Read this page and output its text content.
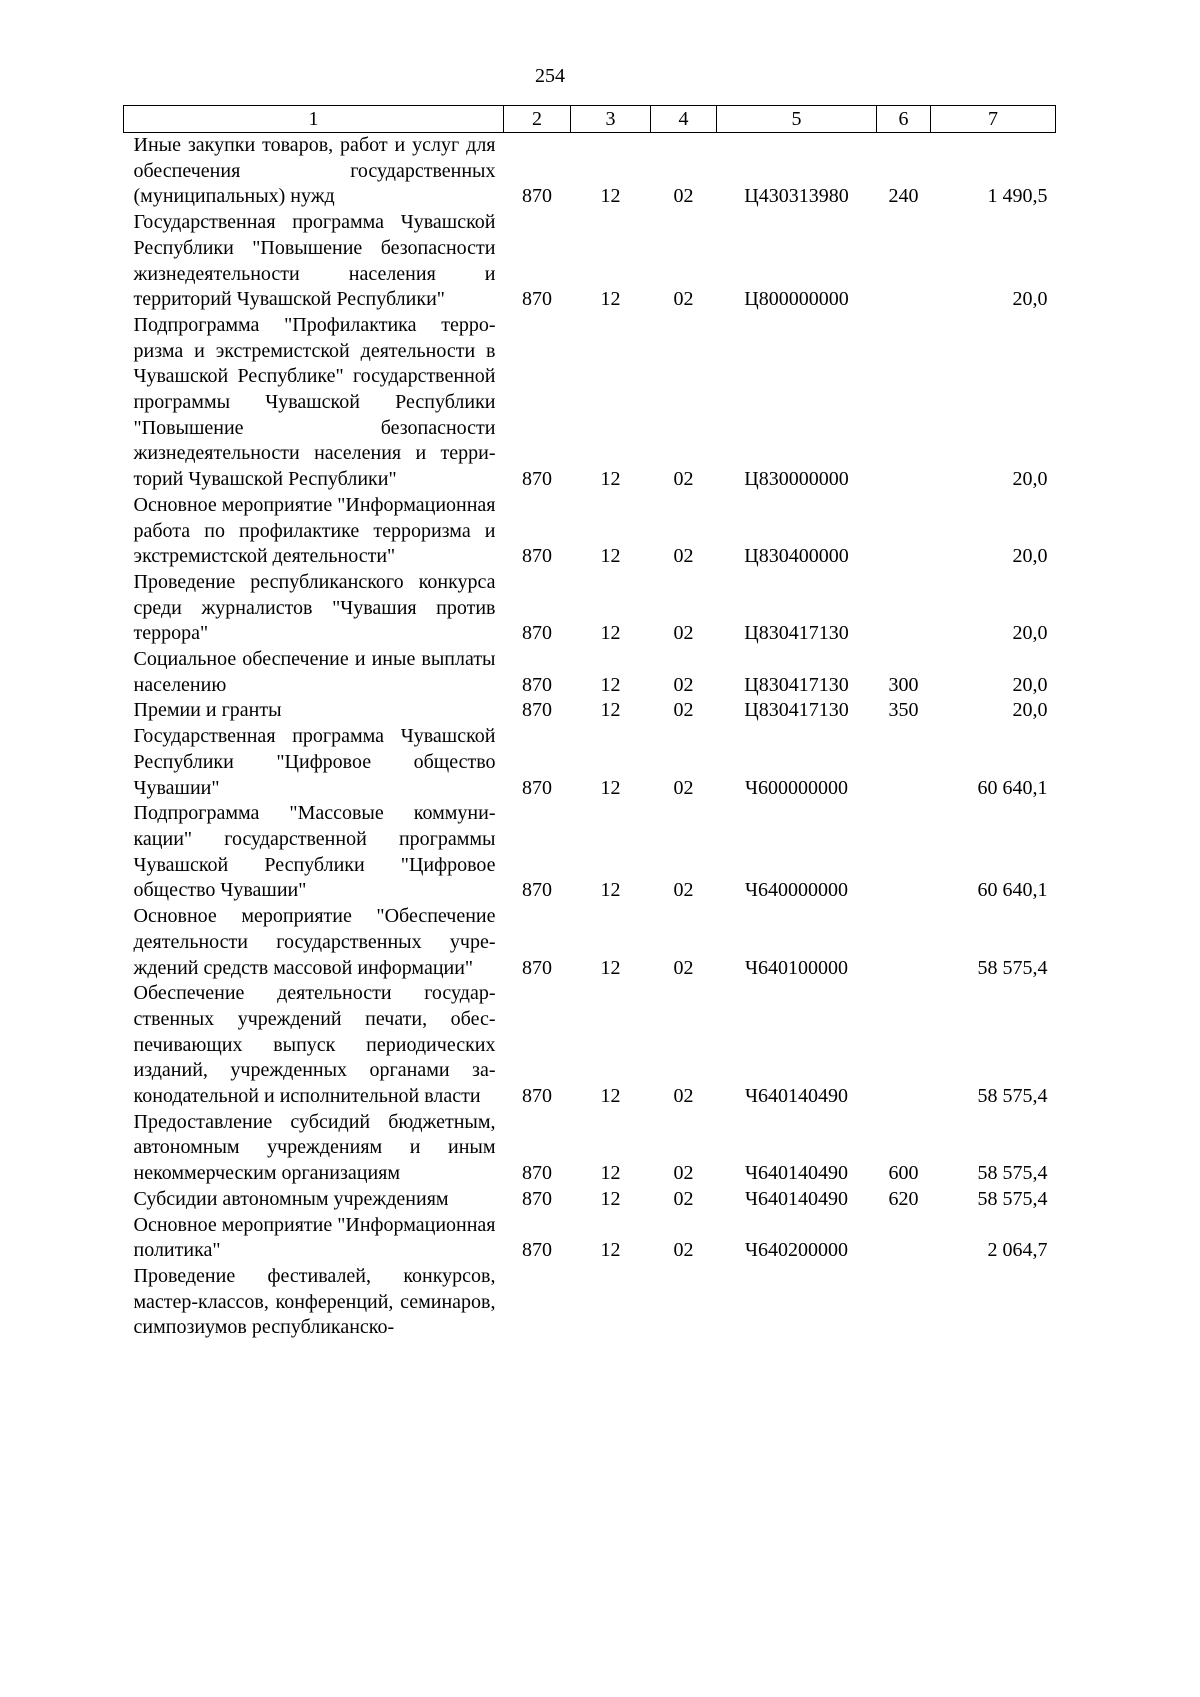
254
1	2	3	4	5	6	7
Иные закупки товаров, работ и услуг для обеспечения государственных (муниципальных) нужд	870	12	02	Ц430313980	240	1 490,5
Государственная программа Чувашской Республики "Повышение безопасности жизнедеятельности населения и территорий Чувашской Республики"	870	12	02	Ц800000000		20,0
Подпрограмма "Профилактика терроризма и экстремистской деятельности в Чувашской Республике" государственной программы Чувашской Республики "Повышение безопасности жизнедеятельности населения и территорий Чувашской Республики"	870	12	02	Ц830000000		20,0
Основное мероприятие "Информационная работа по профилактике терроризма и экстремистской деятельности"	870	12	02	Ц830400000		20,0
Проведение республиканского конкурса среди журналистов "Чувашия против террора"	870	12	02	Ц830417130		20,0
Социальное обеспечение и иные выплаты населению	870	12	02	Ц830417130	300	20,0
Премии и гранты	870	12	02	Ц830417130	350	20,0
Государственная программа Чувашской Республики "Цифровое общество Чувашии"	870	12	02	Ч600000000		60 640,1
Подпрограмма "Массовые коммуникации" государственной программы Чувашской Республики "Цифровое общество Чувашии"	870	12	02	Ч640000000		60 640,1
Основное мероприятие "Обеспечение деятельности государственных учреждений средств массовой информации"	870	12	02	Ч640100000		58 575,4
Обеспечение деятельности государственных учреждений печати, обеспечивающих выпуск периодических изданий, учрежденных органами законодательной и исполнительной власти	870	12	02	Ч640140490		58 575,4
Предоставление субсидий бюджетным, автономным учреждениям и иным некоммерческим организациям	870	12	02	Ч640140490	600	58 575,4
Субсидии автономным учреждениям	870	12	02	Ч640140490	620	58 575,4
Основное мероприятие "Информационная политика"	870	12	02	Ч640200000		2 064,7
Проведение фестивалей, конкурсов, мастер-классов, конференций, семинаров, симпозиумов республиканско-						
